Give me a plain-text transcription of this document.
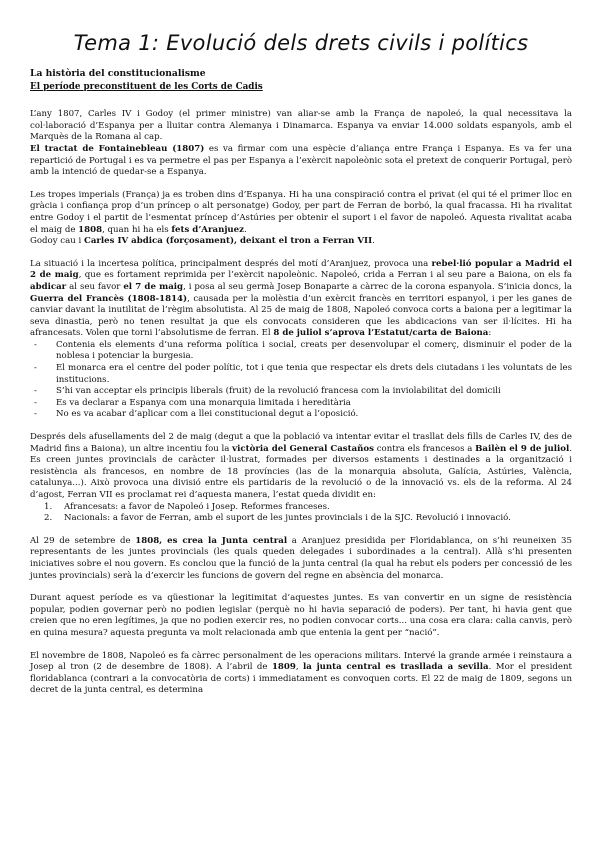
Tema 1: Evolució dels drets civils i polítics
La història del constitucionalisme
El període preconstituent de les Corts de Cadis

L’any 1807, Carles IV i Godoy (el primer ministre) van aliar-se amb la França de napoleó, la qual necessitava la col·laboració d’Espanya per a lluitar contra Alemanya i Dinamarca. Espanya va enviar 14.000 soldats espanyols, amb el Marquès de la Romana al cap.

El tractat de Fontainebleau (1807) es va firmar com una espècie d’aliança entre França i Espanya. Es va fer una repartició de Portugal i es va permetre el pas per Espanya a l’exèrcit napoleònic sota el pretext de conquerir Portugal, però amb la intenció de quedar-se a Espanya.

Les tropes imperials (França) ja es troben dins d’Espanya. Hi ha una conspiració contra el privat (el qui té el primer lloc en gràcia i confiança prop d’un príncep o alt personatge) Godoy, per part de Ferran de borbó, la qual fracassa. Hi ha rivalitat entre Godoy i el partit de l’esmentat príncep d’Astúries per obtenir el suport i el favor de napoleó. Aquesta rivalitat acaba el maig de 1808, quan hi ha els fets d’Aranjuez.

Godoy cau i Carles IV abdica (forçosament), deixant el tron a Ferran VII.

La situació i la incertesa política, principalment després del motí d’Aranjuez, provoca una rebel·lió popular a Madrid el 2 de maig, que es fortament reprimida per l’exèrcit napoleònic. Napoleó, crida a Ferran i al seu pare a Baiona, on els fa abdicar al seu favor el 7 de maig, i posa al seu germà Josep Bonaparte a càrrec de la corona espanyola. S’inicia doncs, la Guerra del Francès (1808-1814), causada per la molèstia d’un exèrcit francès en territori espanyol, i per les ganes de canviar davant la inutilitat de l’règim absolutista. Al 25 de maig de 1808, Napoleó convoca corts a baiona per a legitimar la seva dinastia, però no tenen resultat ja que els convocats consideren que les abdicacions van ser il·lícites. Hi ha afrancesats. Volen que torni l’absolutisme de ferran. El 8 de juliol s’aprova l’Estatut/carta de Baiona:

- Contenia els elements d’una reforma política i social, creats per desenvolupar el comerç, disminuir el poder de la noblesa i potenciar la burgesia.
- El monarca era el centre del poder polític, tot i que tenia que respectar els drets dels ciutadans i les voluntats de les institucions.
- S’hi van acceptar els principis liberals (fruit) de la revolució francesa com la inviolabilitat del domicili
- Es va declarar a Espanya com una monarquia limitada i hereditària
- No es va acabar d’aplicar com a llei constitucional degut a l’oposició.

Després dels afusellaments del 2 de maig (degut a que la població va intentar evitar el trasllat dels fills de Carles IV, des de Madrid fins a Baiona), un altre incentiu fou la victòria del General Castaños contra els francesos a Bailèn el 9 de juliol. Es creen juntes provincials de caràcter il·lustrat, formades per diversos estaments i destinades a la organització i resistència als francesos, en nombre de 18 províncies (las de la monarquia absoluta, Galícia, Astúries, València, catalunya...). Això provoca una divisió entre els partidaris de la revolució o de la innovació vs. els de la reforma. Al 24 d’agost, Ferran VII es proclamat rei d’aquesta manera, l’estat queda dividit en:

1. Afrancesats: a favor de Napoleó i Josep. Reformes franceses.
2. Nacionals: a favor de Ferran, amb el suport de les juntes provincials i de la SJC. Revolució i innovació.

Al 29 de setembre de 1808, es crea la Junta central a Aranjuez presidida per Floridablanca, on s’hi reuneixen 35 representants de les juntes provincials (les quals queden delegades i subordinades a la central). Allà s’hi presenten iniciatives sobre el nou govern. Es conclou que la funció de la junta central (la qual ha rebut els poders per concessió de les juntes provincials) serà la d’exercir les funcions de govern del regne en absència del monarca.

Durant aquest període es va qüestionar la legitimitat d’aquestes juntes. Es van convertir en un signe de resistència popular, podien governar però no podien legislar (perquè no hi havia separació de poders). Per tant, hi havia gent que creien que no eren legítimes, ja que no podien exercir res, no podien convocar corts... una cosa era clara: calia canvis, però en quina mesura? aquesta pregunta va molt relacionada amb que entenia la gent per “nació”.

El novembre de 1808, Napoleó es fa càrrec personalment de les operacions militars. Intervé la grande armée i reinstaura a Josep al tron (2 de desembre de 1808). A l’abril de 1809, la junta central es trasllada a sevilla. Mor el president floridablanca (contrari a la convocatòria de corts) i immediatament es convoquen corts. El 22 de maig de 1809, segons un decret de la junta central, es determina
